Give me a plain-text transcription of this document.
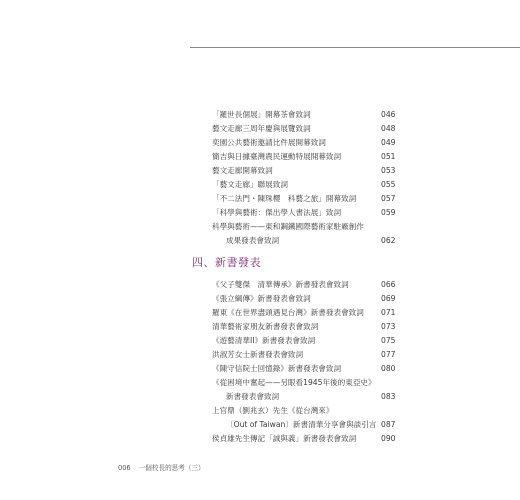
「羅世長個展」開幕茶會致詞	046
藝文走廊三周年慶與展覽致詞	048
奕園公共藝術邀請比件展開幕致詞	049
簡吉與日據臺灣農民運動特展開幕致詞	051
藝文走廊開幕致詞	053
「藝文走廊」聯展致詞	055
「不二法門・陳珠櫻　科藝之旅」開幕致詞	057
「科學與藝術：傑出學人書法展」致詞	059
科學與藝術——東和鋼鐵國際藝術家駐廠創作
成果發表會致詞	062
四、新書發表
《父子雙傑　清華傳承》新書發表會致詞	066
《張立綱傳》新書發表會致詞	069
羅東《在世界盡頭遇見台灣》新書發表會致詞 071
清華藝術家朋友新書發表會致詞	073
《遊藝清華II》新書發表會致詞	075
洪淑芳女士新書發表會致詞	077
《陳守信院士回憶錄》新書發表會致詞	080
《從困境中奮起——另眼看1945年後的東亞史》
新書發表會致詞	083
上官鼎（劉兆玄）先生《從台灣來》
〔Out of Taiwan〕新書清華分享會與談引言 087
侯貞雄先生傳記「誠與義」新書發表會致詞	090
006 一個校長的思考（三）
